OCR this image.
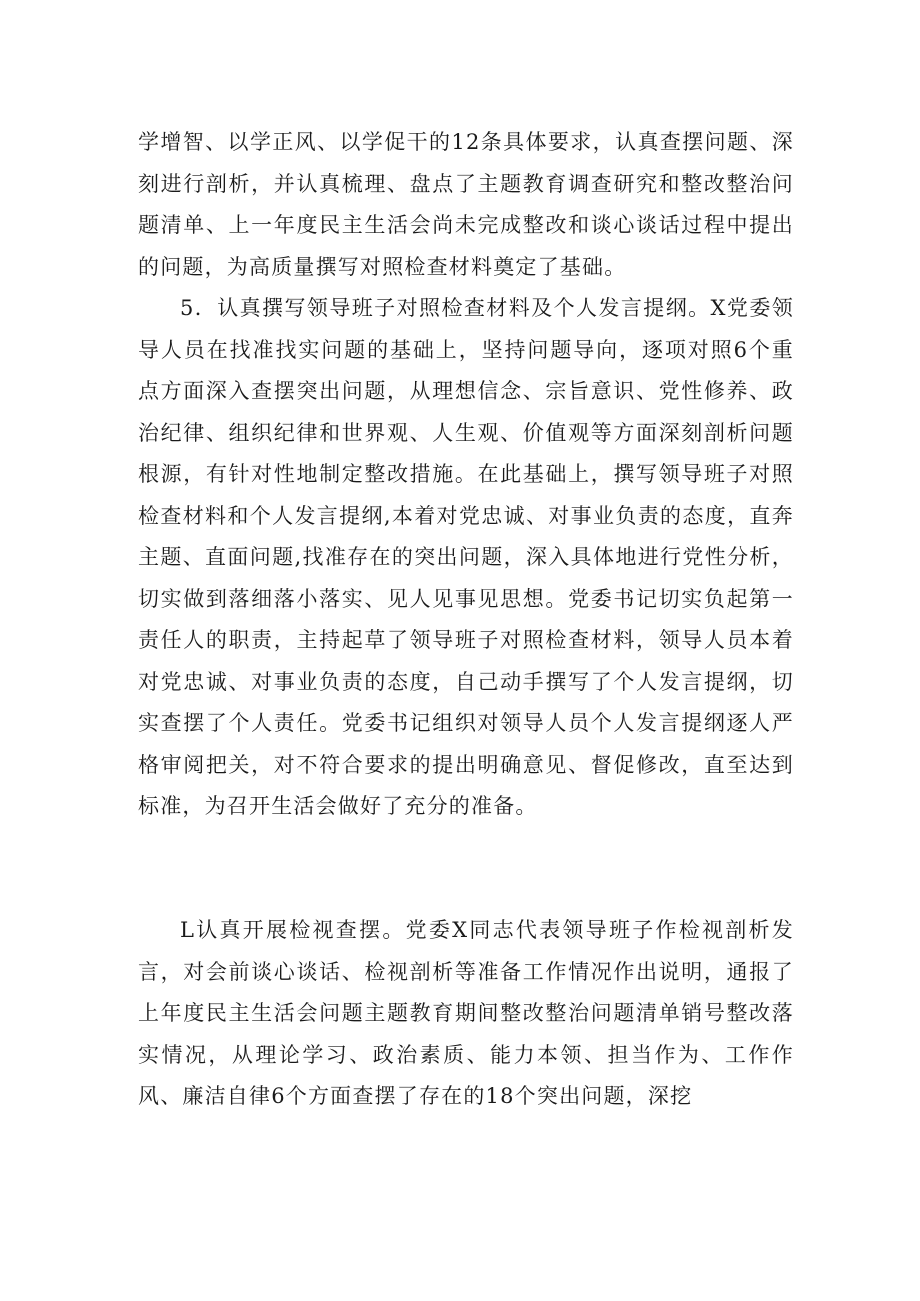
学增智、以学正风、以学促干的12条具体要求，认真查摆问题、深刻进行剖析，并认真梳理、盘点了主题教育调查研究和整改整治问题清单、上一年度民主生活会尚未完成整改和谈心谈话过程中提出的问题，为高质量撰写对照检查材料奠定了基础。

5．认真撰写领导班子对照检查材料及个人发言提纲。X党委领导人员在找准找实问题的基础上，坚持问题导向，逐项对照6个重点方面深入查摆突出问题，从理想信念、宗旨意识、党性修养、政治纪律、组织纪律和世界观、人生观、价值观等方面深刻剖析问题根源，有针对性地制定整改措施。在此基础上，撰写领导班子对照检查材料和个人发言提纲,本着对党忠诚、对事业负责的态度，直奔主题、直面问题,找准存在的突出问题，深入具体地进行党性分析，切实做到落细落小落实、见人见事见思想。党委书记切实负起第一责任人的职责，主持起草了领导班子对照检查材料，领导人员本着对党忠诚、对事业负责的态度，自己动手撰写了个人发言提纲，切实查摆了个人责任。党委书记组织对领导人员个人发言提纲逐人严格审阅把关，对不符合要求的提出明确意见、督促修改，直至达到标准，为召开生活会做好了充分的准备。

L认真开展检视查摆。党委X同志代表领导班子作检视剖析发言，对会前谈心谈话、检视剖析等准备工作情况作出说明，通报了上年度民主生活会问题主题教育期间整改整治问题清单销号整改落实情况，从理论学习、政治素质、能力本领、担当作为、工作作风、廉洁自律6个方面查摆了存在的18个突出问题，深挖
